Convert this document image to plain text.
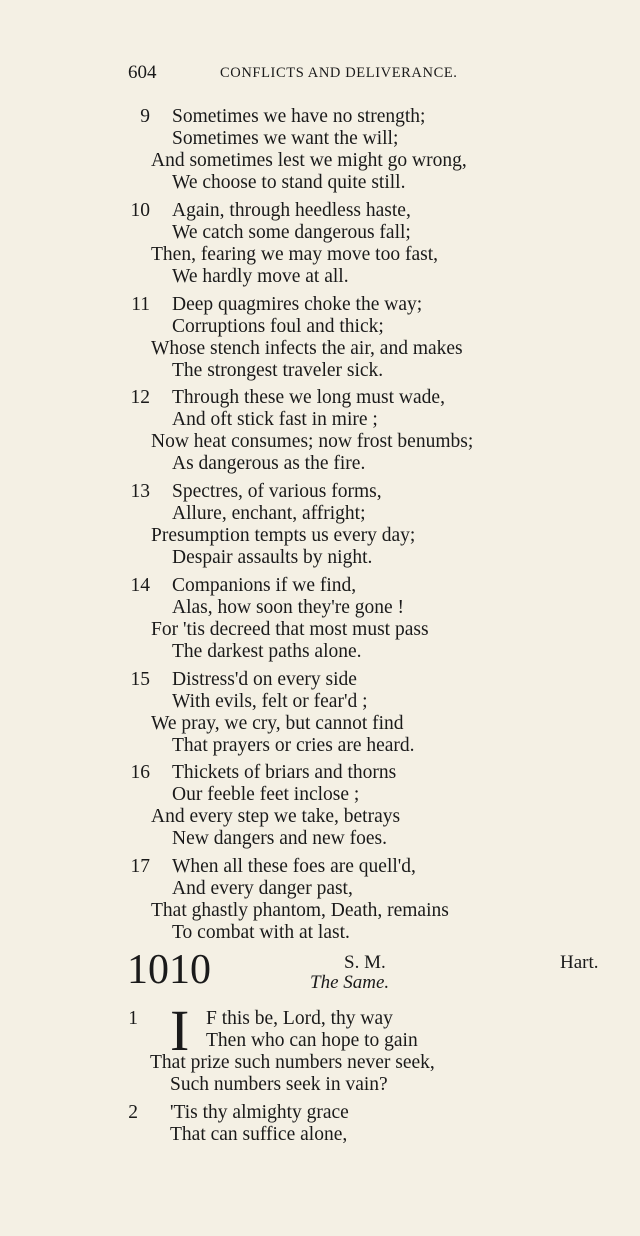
604	CONFLICTS AND DELIVERANCE.
9 Sometimes we have no strength;
Sometimes we want the will;
And sometimes lest we might go wrong,
We choose to stand quite still.
10 Again, through heedless haste,
We catch some dangerous fall;
Then, fearing we may move too fast,
We hardly move at all.
11 Deep quagmires choke the way;
Corruptions foul and thick;
Whose stench infects the air, and makes
The strongest traveler sick.
12 Through these we long must wade,
And oft stick fast in mire ;
Now heat consumes; now frost benumbs;
As dangerous as the fire.
13 Spectres, of various forms,
Allure, enchant, affright;
Presumption tempts us every day;
Despair assaults by night.
14 Companions if we find,
Alas, how soon they're gone !
For 'tis decreed that most must pass
The darkest paths alone.
15 Distress'd on every side
With evils, felt or fear'd ;
We pray, we cry, but cannot find
That prayers or cries are heard.
16 Thickets of briars and thorns
Our feeble feet inclose ;
And every step we take, betrays
New dangers and new foes.
17 When all these foes are quell'd,
And every danger past,
That ghastly phantom, Death, remains
To combat with at last.
1010	S. M.	Hart.
The Same.
I
1	F this be, Lord, thy way
Then who can hope to gain
That prize such numbers never seek,
Such numbers seek in vain?
2 'Tis thy almighty grace
That can suffice alone,
